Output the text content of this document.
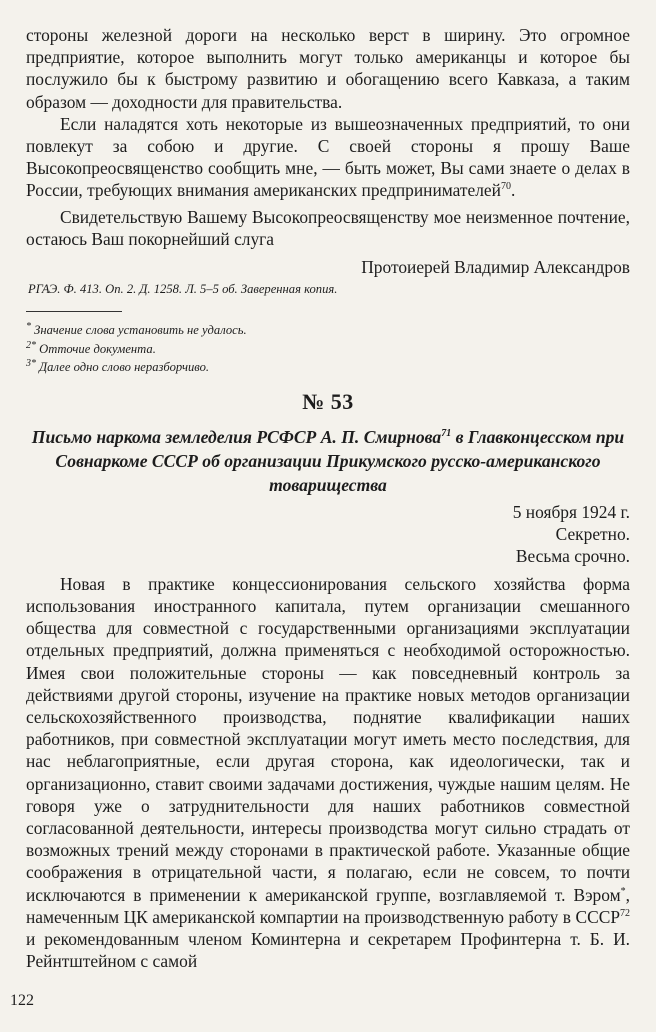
стороны железной дороги на несколько верст в ширину. Это огромное предприятие, которое выполнить могут только американцы и которое бы послужило бы к быстрому развитию и обогащению всего Кавказа, а таким образом — доходности для правительства.

Если наладятся хоть некоторые из вышеозначенных предприятий, то они повлекут за собою и другие. С своей стороны я прошу Ваше Высокопреосвященство сообщить мне, — быть может, Вы сами знаете о делах в России, требующих внимания американских предпринимателей$^{70}$.

Свидетельствую Вашему Высокопреосвященству мое неизменное почтение, остаюсь Ваш покорнейший слуга

Протоиерей Владимир Александров

РГАЭ. Ф. 413. Оп. 2. Д. 1258. Л. 5–5 об. Заверенная копия.

* Значение слова установить не удалось.

$^{2*}$ Отточие документа.

$^{3*}$ Далее одно слово неразборчиво.

№ 53

Письмо наркома земледелия РСФСР А. П. Смирнова$^{71}$ в Главконцесском при Совнаркоме СССР об организации Прикумского русско-американского товарищества

5 ноября 1924 г.

Секретно.

Весьма срочно.

Новая в практике концессионирования сельского хозяйства форма использования иностранного капитала, путем организации смешанного общества для совместной с государственными организациями эксплуатации отдельных предприятий, должна применяться с необходимой осторожностью. Имея свои положительные стороны — как повседневный контроль за действиями другой стороны, изучение на практике новых методов организации сельскохозяйственного производства, поднятие квалификации наших работников, при совместной эксплуатации могут иметь место последствия, для нас неблагоприятные, если другая сторона, как идеологически, так и организационно, ставит своими задачами достижения, чуждые нашим целям. Не говоря уже о затруднительности для наших работников совместной согласованной деятельности, интересы производства могут сильно страдать от возможных трений между сторонами в практической работе. Указанные общие соображения в отрицательной части, я полагаю, если не совсем, то почти исключаются в применении к американской группе, возглавляемой т. Вэром*, намеченным ЦК американской компартии на производственную работу в СССР$^{72}$ и рекомендованным членом Коминтерна и секретарем Профинтерна т. Б. И. Рейнтштейном с самой

122
